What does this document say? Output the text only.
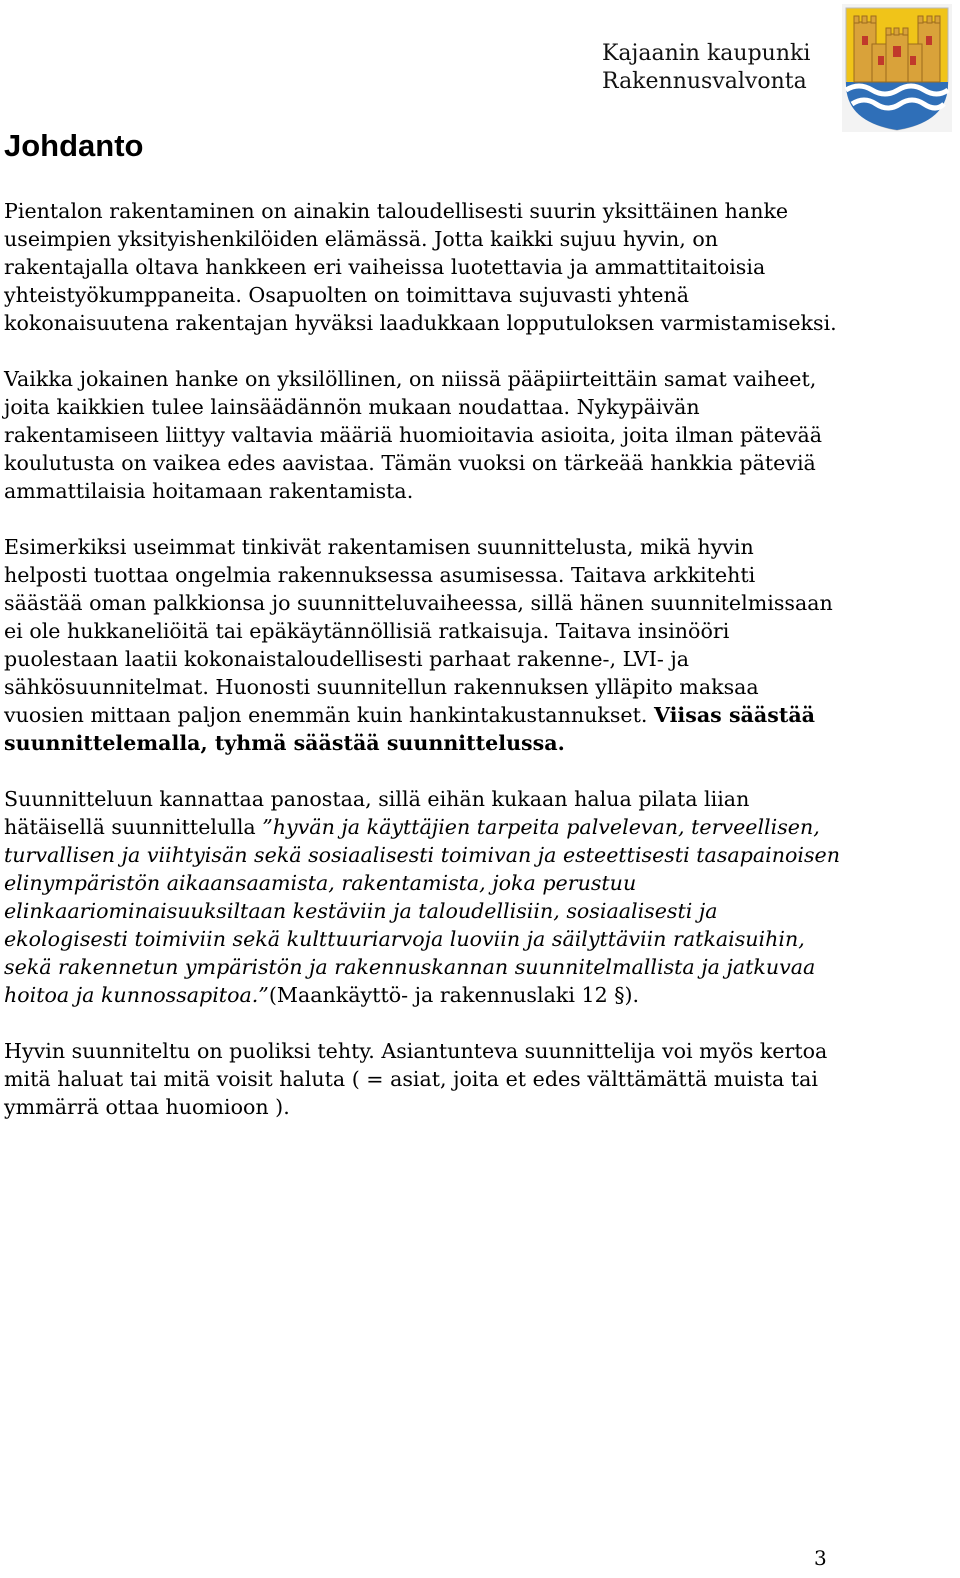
Kajaanin kaupunki
Rakennusvalvonta
Johdanto

Pientalon rakentaminen on ainakin taloudellisesti suurin yksittäinen hanke useimpien yksityishenkilöiden elämässä. Jotta kaikki sujuu hyvin, on rakentajalla oltava hankkeen eri vaiheissa luotettavia ja ammattitaitoisia yhteistyökumppaneita. Osapuolten on toimittava sujuvasti yhtenä kokonaisuutena rakentajan hyväksi laadukkaan lopputuloksen varmistamiseksi.

Vaikka jokainen hanke on yksilöllinen, on niissä pääpiirteittäin samat vaiheet, joita kaikkien tulee lainsäädännön mukaan noudattaa. Nykypäivän rakentamiseen liittyy valtavia määriä huomioitavia asioita, joita ilman pätevää koulutusta on vaikea edes aavistaa. Tämän vuoksi on tärkeää hankkia päteviä ammattilaisia hoitamaan rakentamista.

Esimerkiksi useimmat tinkivät rakentamisen suunnittelusta, mikä hyvin helposti tuottaa ongelmia rakennuksessa asumisessa. Taitava arkkitehti säästää oman palkkionsa jo suunnitteluvaiheessa, sillä hänen suunnitelmissaan ei ole hukkaneliöitä tai epäkäytännöllisiä ratkaisuja. Taitava insinööri puolestaan laatii kokonaistaloudellisesti parhaat rakenne-, LVI- ja sähkösuunnitelmat. Huonosti suunnitellun rakennuksen ylläpito maksaa vuosien mittaan paljon enemmän kuin hankintakustannukset. Viisas säästää suunnittelemalla, tyhmä säästää suunnittelussa.

Suunnitteluun kannattaa panostaa, sillä eihän kukaan halua pilata liian hätäisellä suunnittelulla ”hyvän ja käyttäjien tarpeita palvelevan, terveellisen, turvallisen ja viihtyisän sekä sosiaalisesti toimivan ja esteettisesti tasapainoisen elinympäristön aikaansaamista, rakentamista, joka perustuu elinkaariominaisuuksiltaan kestäviin ja taloudellisiin, sosiaalisesti ja ekologisesti toimiviin sekä kulttuuriarvoja luoviin ja säilyttäviin ratkaisuihin, sekä rakennetun ympäristön ja rakennuskannan suunnitelmallista ja jatkuvaa hoitoa ja kunnossapitoa.”(Maankäyttö- ja rakennuslaki 12 §).

Hyvin suunniteltu on puoliksi tehty. Asiantunteva suunnittelija voi myös kertoa mitä haluat tai mitä voisit haluta ( = asiat, joita et edes välttämättä muista tai ymmärrä ottaa huomioon ).

3
